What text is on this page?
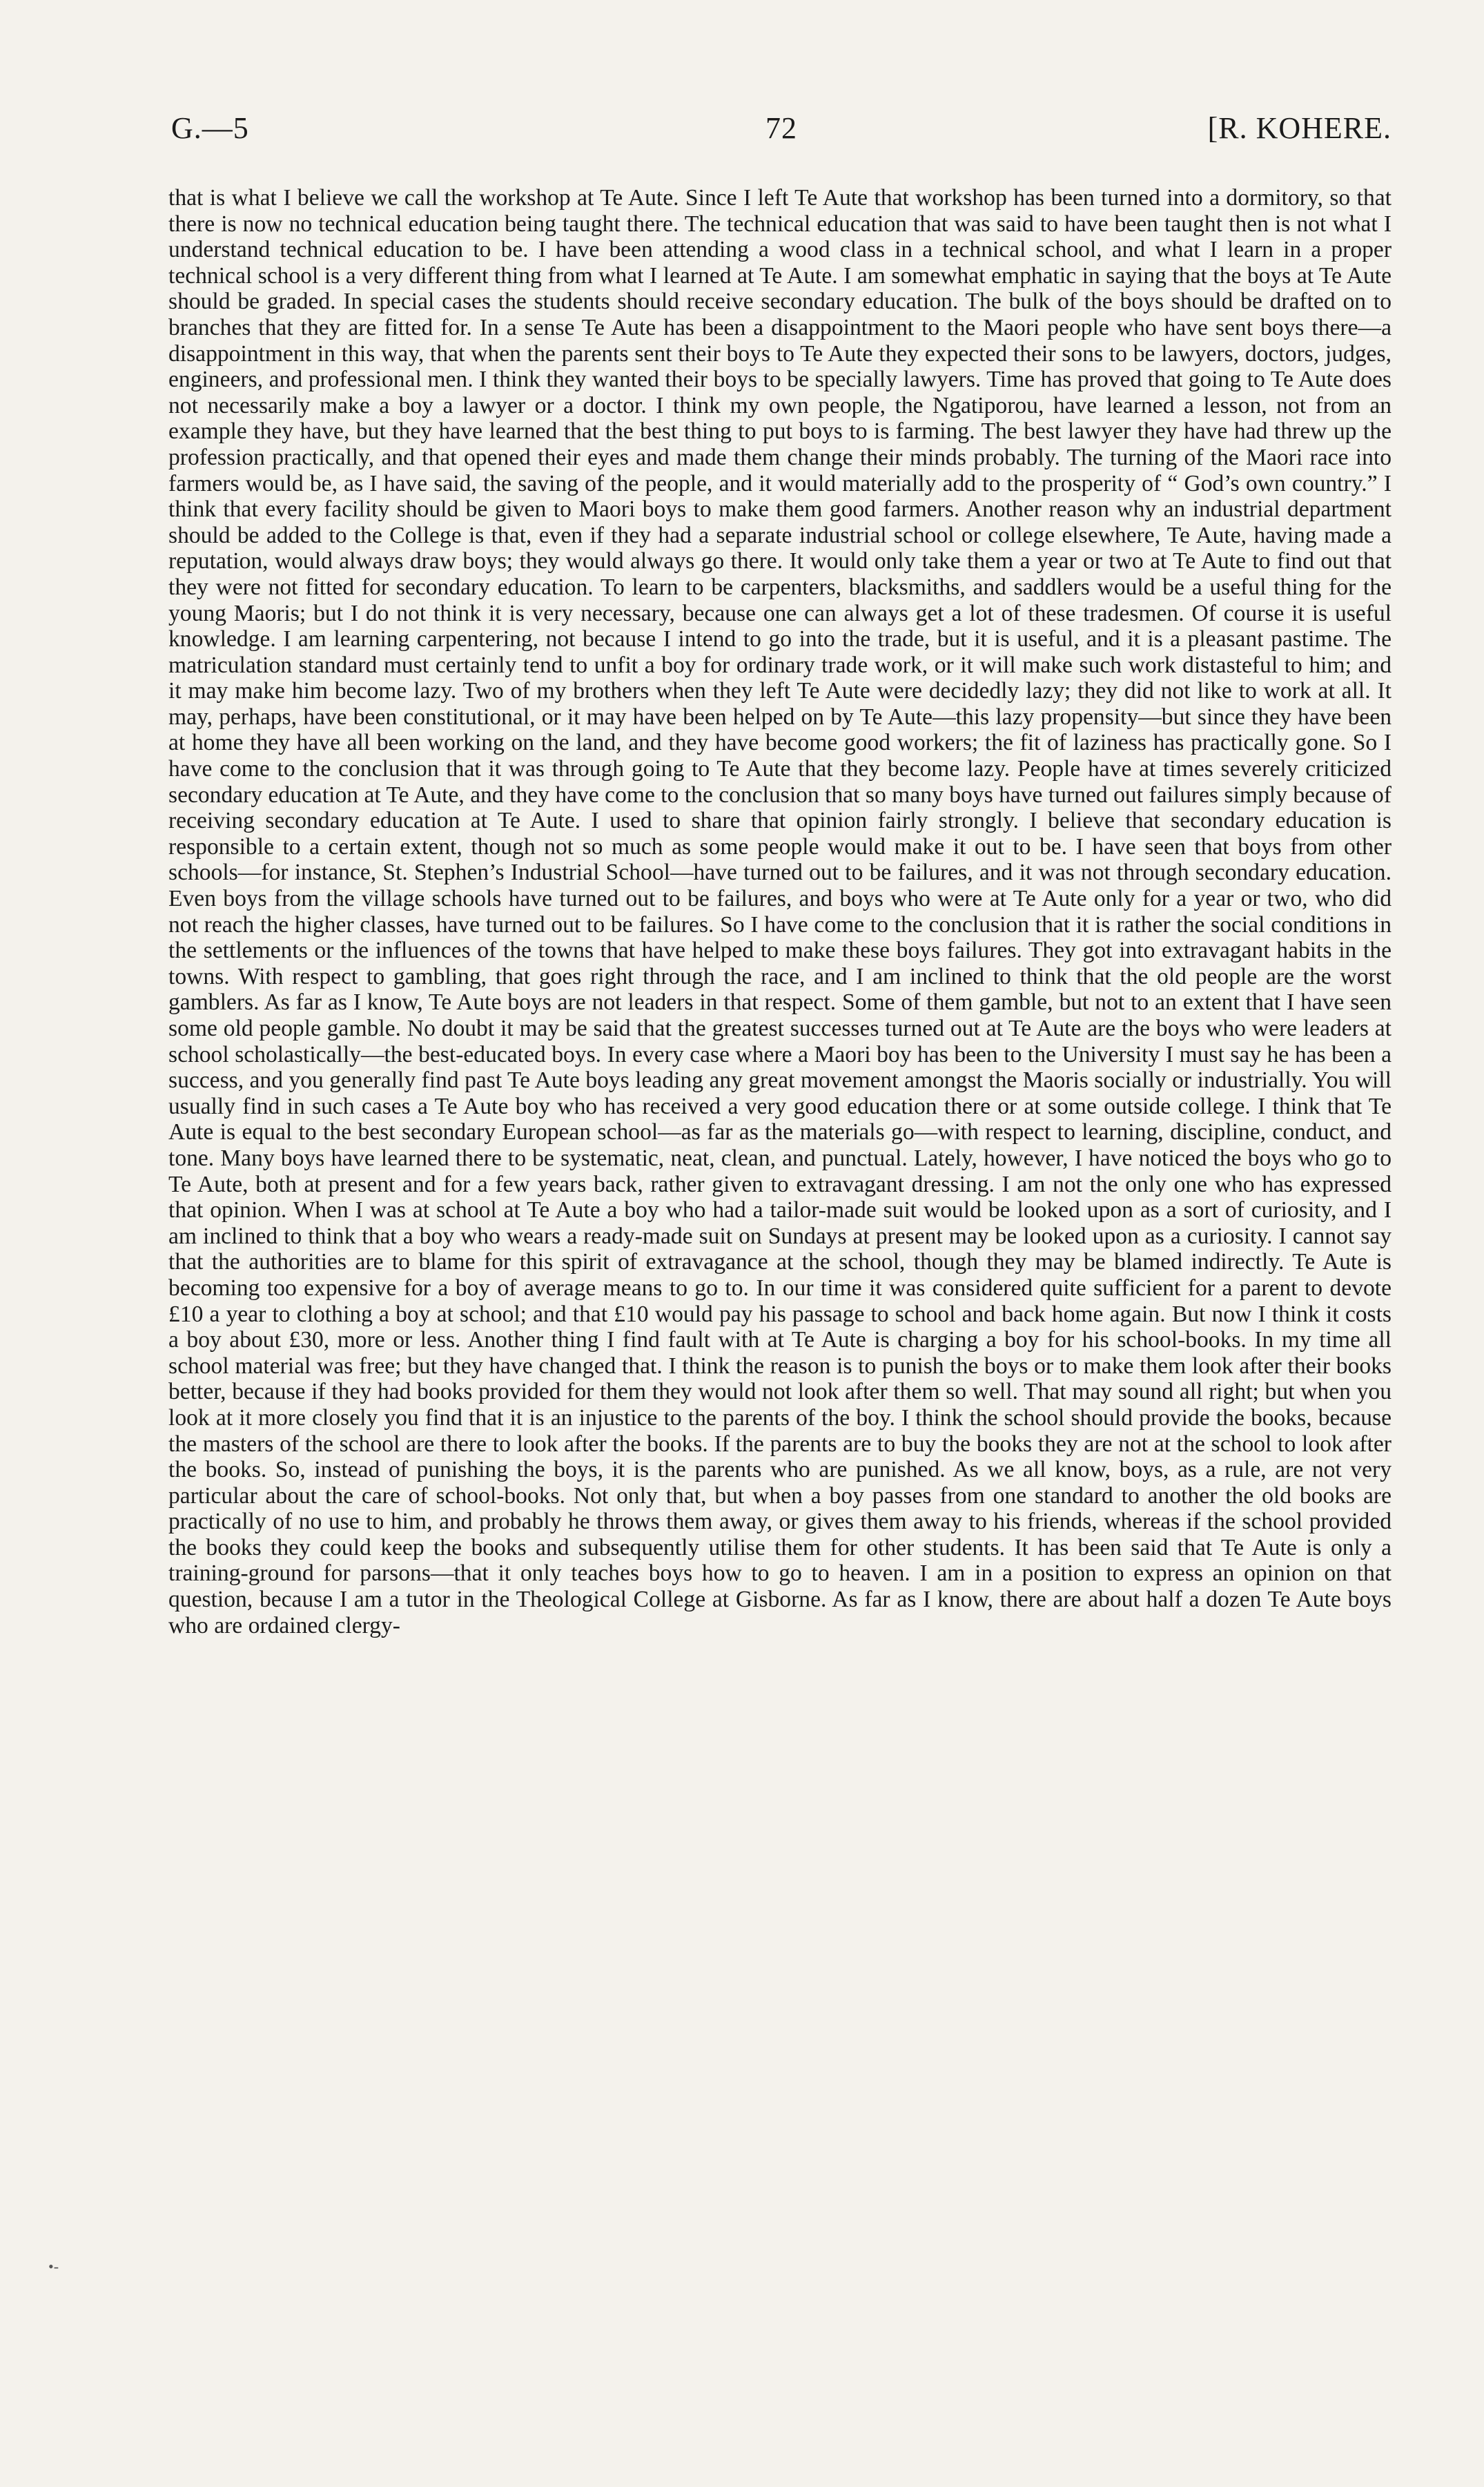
G.—5	72	[R. KOHERE.

that is what I believe we call the workshop at Te Aute. Since I left Te Aute that workshop has been turned into a dormitory, so that there is now no technical education being taught there. The technical education that was said to have been taught then is not what I understand technical education to be. I have been attending a wood class in a technical school, and what I learn in a proper technical school is a very different thing from what I learned at Te Aute. I am somewhat emphatic in saying that the boys at Te Aute should be graded. In special cases the students should receive secondary education. The bulk of the boys should be drafted on to branches that they are fitted for. In a sense Te Aute has been a disappointment to the Maori people who have sent boys there—a disappointment in this way, that when the parents sent their boys to Te Aute they expected their sons to be lawyers, doctors, judges, engineers, and professional men. I think they wanted their boys to be specially lawyers. Time has proved that going to Te Aute does not necessarily make a boy a lawyer or a doctor. I think my own people, the Ngatiporou, have learned a lesson, not from an example they have, but they have learned that the best thing to put boys to is farming. The best lawyer they have had threw up the profession practically, and that opened their eyes and made them change their minds probably. The turning of the Maori race into farmers would be, as I have said, the saving of the people, and it would materially add to the prosperity of “ God’s own country.” I think that every facility should be given to Maori boys to make them good farmers. Another reason why an industrial department should be added to the College is that, even if they had a separate industrial school or college elsewhere, Te Aute, having made a reputation, would always draw boys; they would always go there. It would only take them a year or two at Te Aute to find out that they were not fitted for secondary education. To learn to be carpenters, blacksmiths, and saddlers would be a useful thing for the young Maoris; but I do not think it is very necessary, because one can always get a lot of these tradesmen. Of course it is useful knowledge. I am learning carpentering, not because I intend to go into the trade, but it is useful, and it is a pleasant pastime. The matriculation standard must certainly tend to unfit a boy for ordinary trade work, or it will make such work distasteful to him; and it may make him become lazy. Two of my brothers when they left Te Aute were decidedly lazy; they did not like to work at all. It may, perhaps, have been constitutional, or it may have been helped on by Te Aute—this lazy propensity—but since they have been at home they have all been working on the land, and they have become good workers; the fit of laziness has practically gone. So I have come to the conclusion that it was through going to Te Aute that they become lazy. People have at times severely criticized secondary education at Te Aute, and they have come to the conclusion that so many boys have turned out failures simply because of receiving secondary education at Te Aute. I used to share that opinion fairly strongly. I believe that secondary education is responsible to a certain extent, though not so much as some people would make it out to be. I have seen that boys from other schools—for instance, St. Stephen’s Industrial School—have turned out to be failures, and it was not through secondary education. Even boys from the village schools have turned out to be failures, and boys who were at Te Aute only for a year or two, who did not reach the higher classes, have turned out to be failures. So I have come to the conclusion that it is rather the social conditions in the settlements or the influences of the towns that have helped to make these boys failures. They got into extravagant habits in the towns. With respect to gambling, that goes right through the race, and I am inclined to think that the old people are the worst gamblers. As far as I know, Te Aute boys are not leaders in that respect. Some of them gamble, but not to an extent that I have seen some old people gamble. No doubt it may be said that the greatest successes turned out at Te Aute are the boys who were leaders at school scholastically—the best-educated boys. In every case where a Maori boy has been to the University I must say he has been a success, and you generally find past Te Aute boys leading any great movement amongst the Maoris socially or industrially. You will usually find in such cases a Te Aute boy who has received a very good education there or at some outside college. I think that Te Aute is equal to the best secondary European school—as far as the materials go—with respect to learning, discipline, conduct, and tone. Many boys have learned there to be systematic, neat, clean, and punctual. Lately, however, I have noticed the boys who go to Te Aute, both at present and for a few years back, rather given to extravagant dressing. I am not the only one who has expressed that opinion. When I was at school at Te Aute a boy who had a tailor-made suit would be looked upon as a sort of curiosity, and I am inclined to think that a boy who wears a ready-made suit on Sundays at present may be looked upon as a curiosity. I cannot say that the authorities are to blame for this spirit of extravagance at the school, though they may be blamed indirectly. Te Aute is becoming too expensive for a boy of average means to go to. In our time it was considered quite sufficient for a parent to devote £10 a year to clothing a boy at school; and that £10 would pay his passage to school and back home again. But now I think it costs a boy about £30, more or less. Another thing I find fault with at Te Aute is charging a boy for his school-books. In my time all school material was free; but they have changed that. I think the reason is to punish the boys or to make them look after their books better, because if they had books provided for them they would not look after them so well. That may sound all right; but when you look at it more closely you find that it is an injustice to the parents of the boy. I think the school should provide the books, because the masters of the school are there to look after the books. If the parents are to buy the books they are not at the school to look after the books. So, instead of punishing the boys, it is the parents who are punished. As we all know, boys, as a rule, are not very particular about the care of school-books. Not only that, but when a boy passes from one standard to another the old books are practically of no use to him, and probably he throws them away, or gives them away to his friends, whereas if the school provided the books they could keep the books and subsequently utilise them for other students. It has been said that Te Aute is only a training-ground for parsons—that it only teaches boys how to go to heaven. I am in a position to express an opinion on that question, because I am a tutor in the Theological College at Gisborne. As far as I know, there are about half a dozen Te Aute boys who are ordained clergy-

•-
